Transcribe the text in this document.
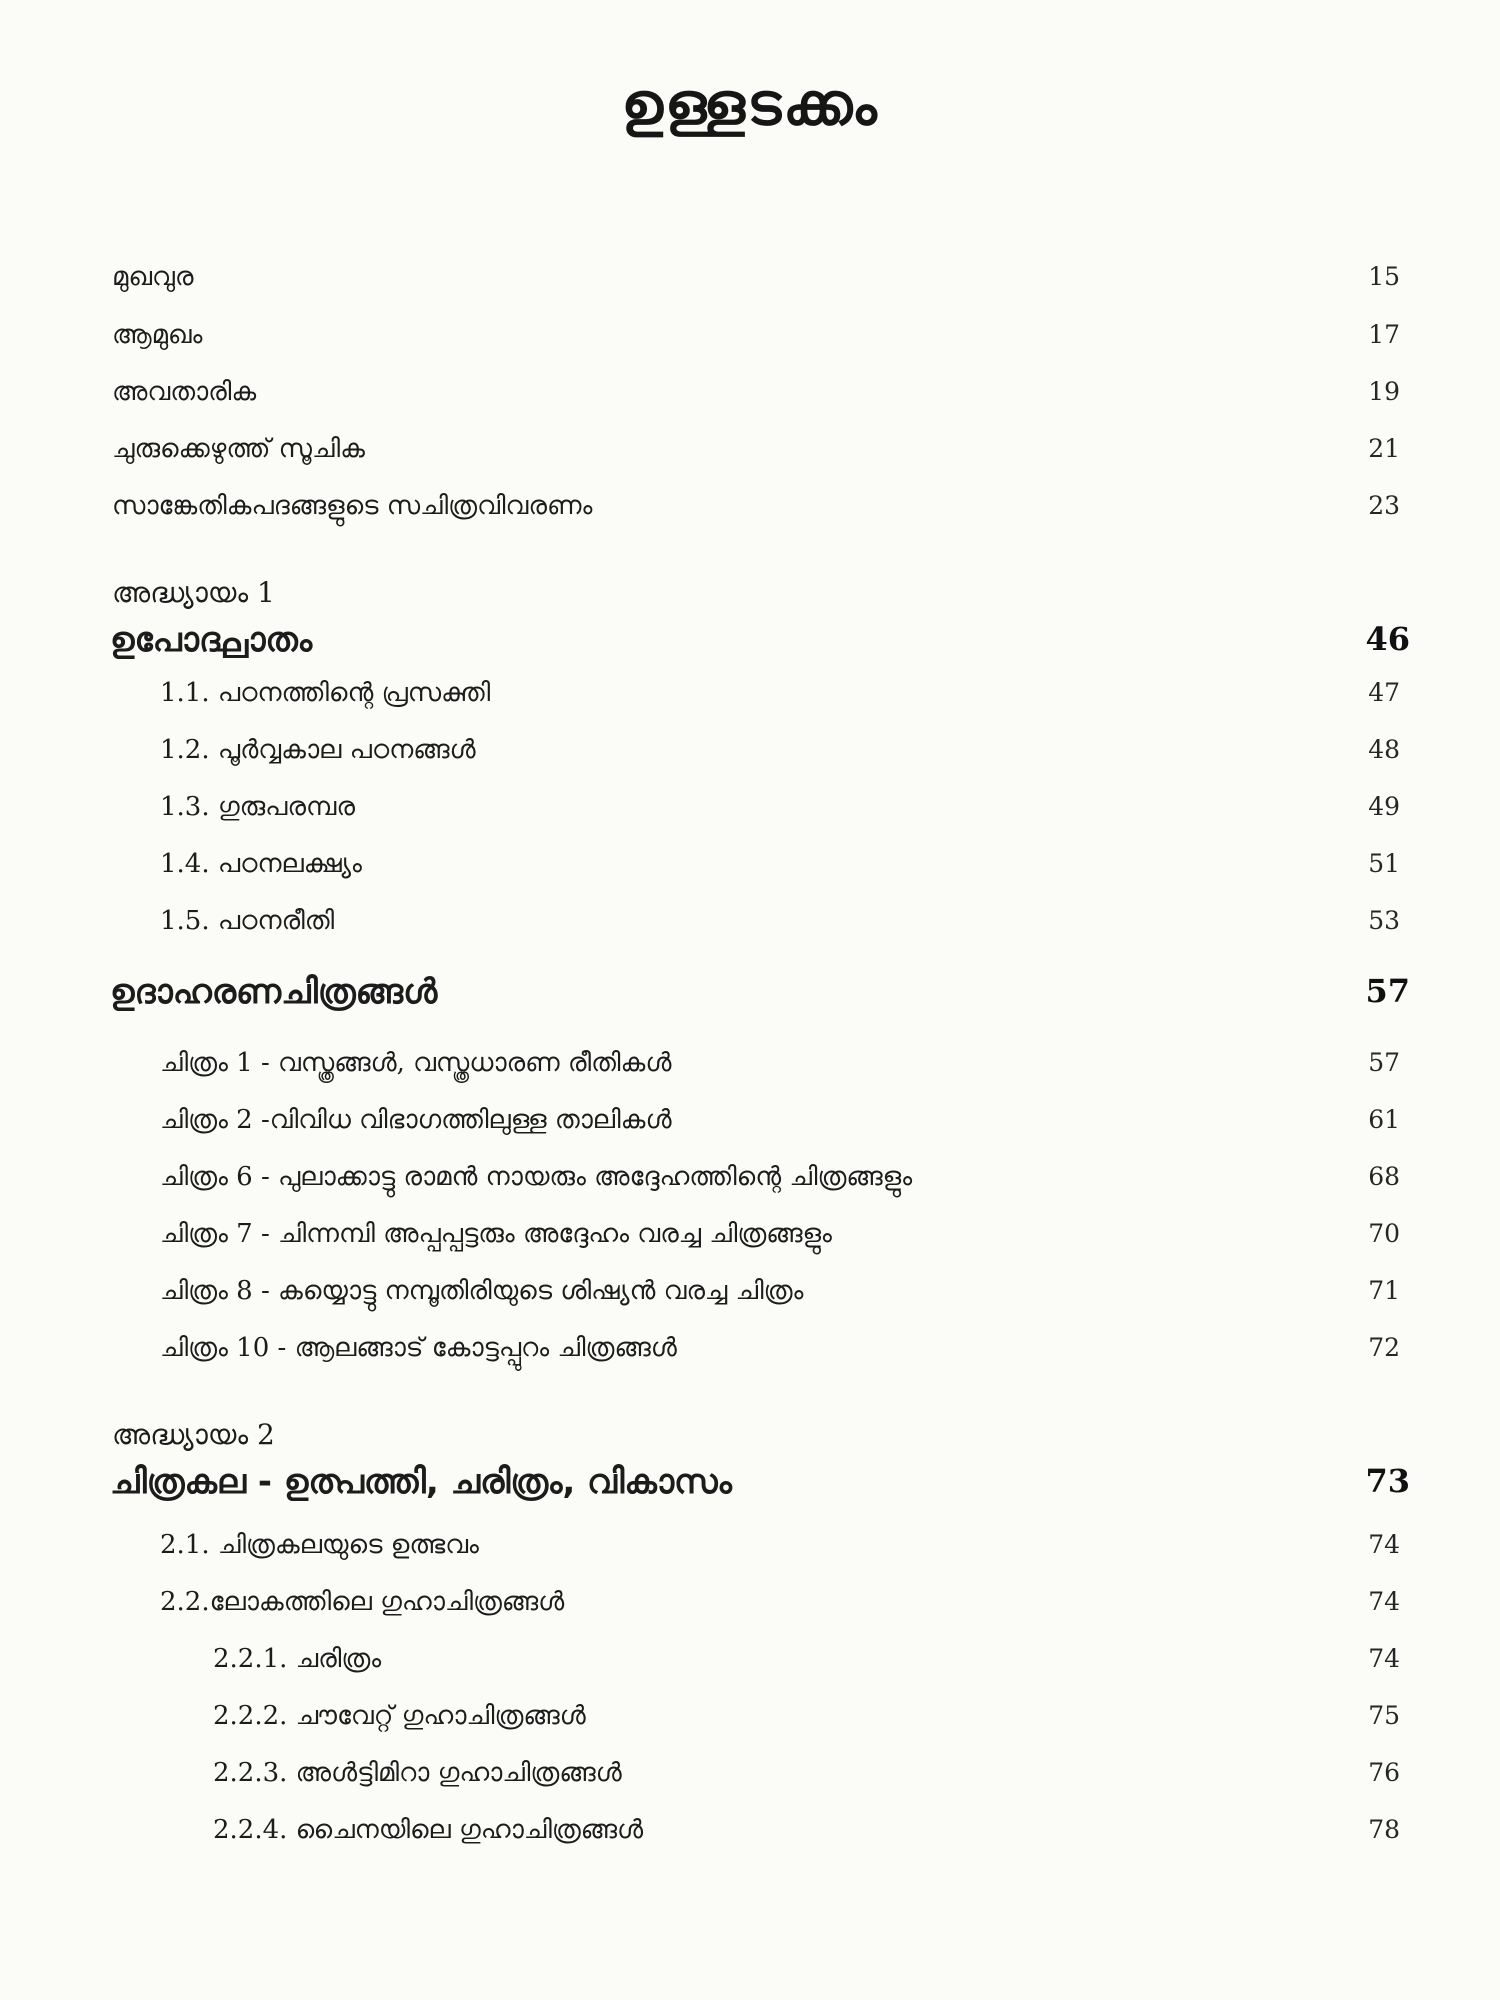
ഉള്ളടക്കം
മുഖവുര	15
ആമുഖം	17
അവതാരിക	19
ചുരുക്കെഴുത്ത് സൂചിക	21
സാങ്കേതികപദങ്ങളുടെ സചിത്രവിവരണം	23
അദ്ധ്യായം 1
ഉപോദ്ഘാതം	46
1.1. പഠനത്തിന്റെ പ്രസക്തി	47
1.2. പൂർവ്വകാല പഠനങ്ങൾ	48
1.3. ഗുരുപരമ്പര	49
1.4. പഠനലക്ഷ്യം	51
1.5. പഠനരീതി	53
ഉദാഹരണചിത്രങ്ങൾ	57
ചിത്രം 1 - വസ്ത്രങ്ങൾ, വസ്ത്രധാരണ രീതികൾ	57
ചിത്രം 2 -വിവിധ വിഭാഗത്തിലുള്ള താലികൾ	61
ചിത്രം 6 - പുലാക്കാട്ടു രാമൻ നായരും അദ്ദേഹത്തിന്റെ ചിത്രങ്ങളും	68
ചിത്രം 7 - ചിന്നമ്പി അപ്പപ്പട്ടരും അദ്ദേഹം വരച്ച ചിത്രങ്ങളും	70
ചിത്രം 8 - കയ്യൊട്ടു നമ്പൂതിരിയുടെ ശിഷ്യൻ വരച്ച ചിത്രം	71
ചിത്രം 10 - ആലങ്ങാട് കോട്ടപ്പുറം ചിത്രങ്ങൾ	72
അദ്ധ്യായം 2
ചിത്രകല - ഉത്പത്തി, ചരിത്രം, വികാസം	73
2.1. ചിത്രകലയുടെ ഉത്ഭവം	74
2.2.ലോകത്തിലെ ഗുഹാചിത്രങ്ങൾ	74
2.2.1. ചരിത്രം	74
2.2.2. ചൗവേറ്റ് ഗുഹാചിത്രങ്ങൾ	75
2.2.3. അൾട്ടിമിറാ ഗുഹാചിത്രങ്ങൾ	76
2.2.4. ചൈനയിലെ ഗുഹാചിത്രങ്ങൾ	78
